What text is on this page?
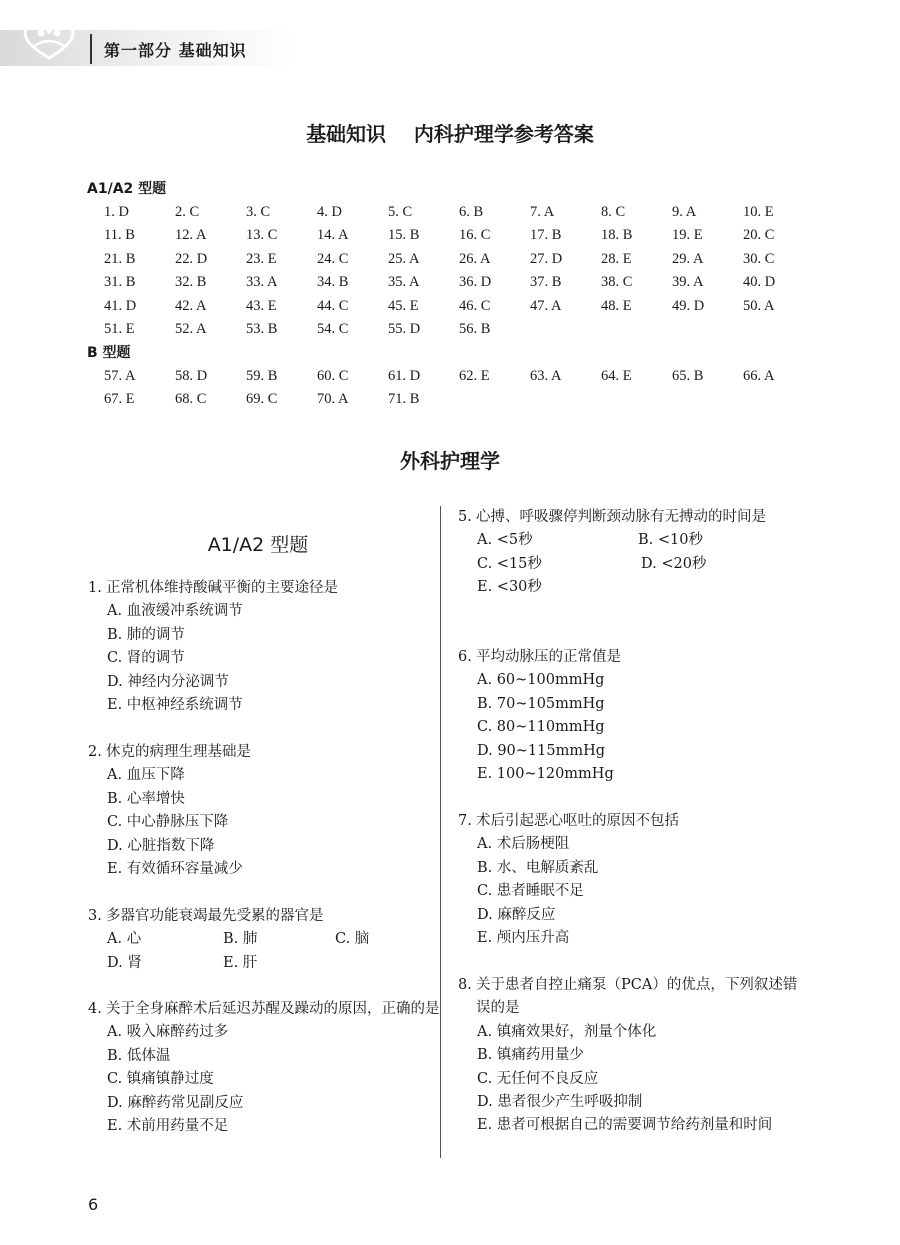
第一部分 基础知识
基础知识    内科护理学参考答案
A1/A2 型题
1. D	2. C	3. C	4. D	5. C	6. B	7. A	8. C	9. A	10. E
11. B	12. A	13. C	14. A	15. B	16. C	17. B	18. B	19. E	20. C
21. B	22. D	23. E	24. C	25. A	26. A	27. D	28. E	29. A	30. C
31. B	32. B	33. A	34. B	35. A	36. D	37. B	38. C	39. A	40. D
41. D	42. A	43. E	44. C	45. E	46. C	47. A	48. E	49. D	50. A
51. E	52. A	53. B	54. C	55. D	56. B
B 型题
57. A	58. D	59. B	60. C	61. D	62. E	63. A	64. E	65. B	66. A
67. E	68. C	69. C	70. A	71. B
外科护理学
A1/A2 型题
1. 正常机体维持酸碱平衡的主要途径是
A. 血液缓冲系统调节
B. 肺的调节
C. 肾的调节
D. 神经内分泌调节
E. 中枢神经系统调节
2. 休克的病理生理基础是
A. 血压下降
B. 心率增快
C. 中心静脉压下降
D. 心脏指数下降
E. 有效循环容量减少
3. 多器官功能衰竭最先受累的器官是
A. 心	B. 肺	C. 脑
D. 肾	E. 肝
4. 关于全身麻醉术后延迟苏醒及躁动的原因，正确的是
A. 吸入麻醉药过多
B. 低体温
C. 镇痛镇静过度
D. 麻醉药常见副反应
E. 术前用药量不足
5. 心搏、呼吸骤停判断颈动脉有无搏动的时间是
A. <5秒	B. <10秒
C. <15秒	D. <20秒
E. <30秒
6. 平均动脉压的正常值是
A. 60~100mmHg
B. 70~105mmHg
C. 80~110mmHg
D. 90~115mmHg
E. 100~120mmHg
7. 术后引起恶心呕吐的原因不包括
A. 术后肠梗阻
B. 水、电解质紊乱
C. 患者睡眠不足
D. 麻醉反应
E. 颅内压升高
8. 关于患者自控止痛泵（PCA）的优点，下列叙述错误的是
A. 镇痛效果好，剂量个体化
B. 镇痛药用量少
C. 无任何不良反应
D. 患者很少产生呼吸抑制
E. 患者可根据自己的需要调节给药剂量和时间
6
